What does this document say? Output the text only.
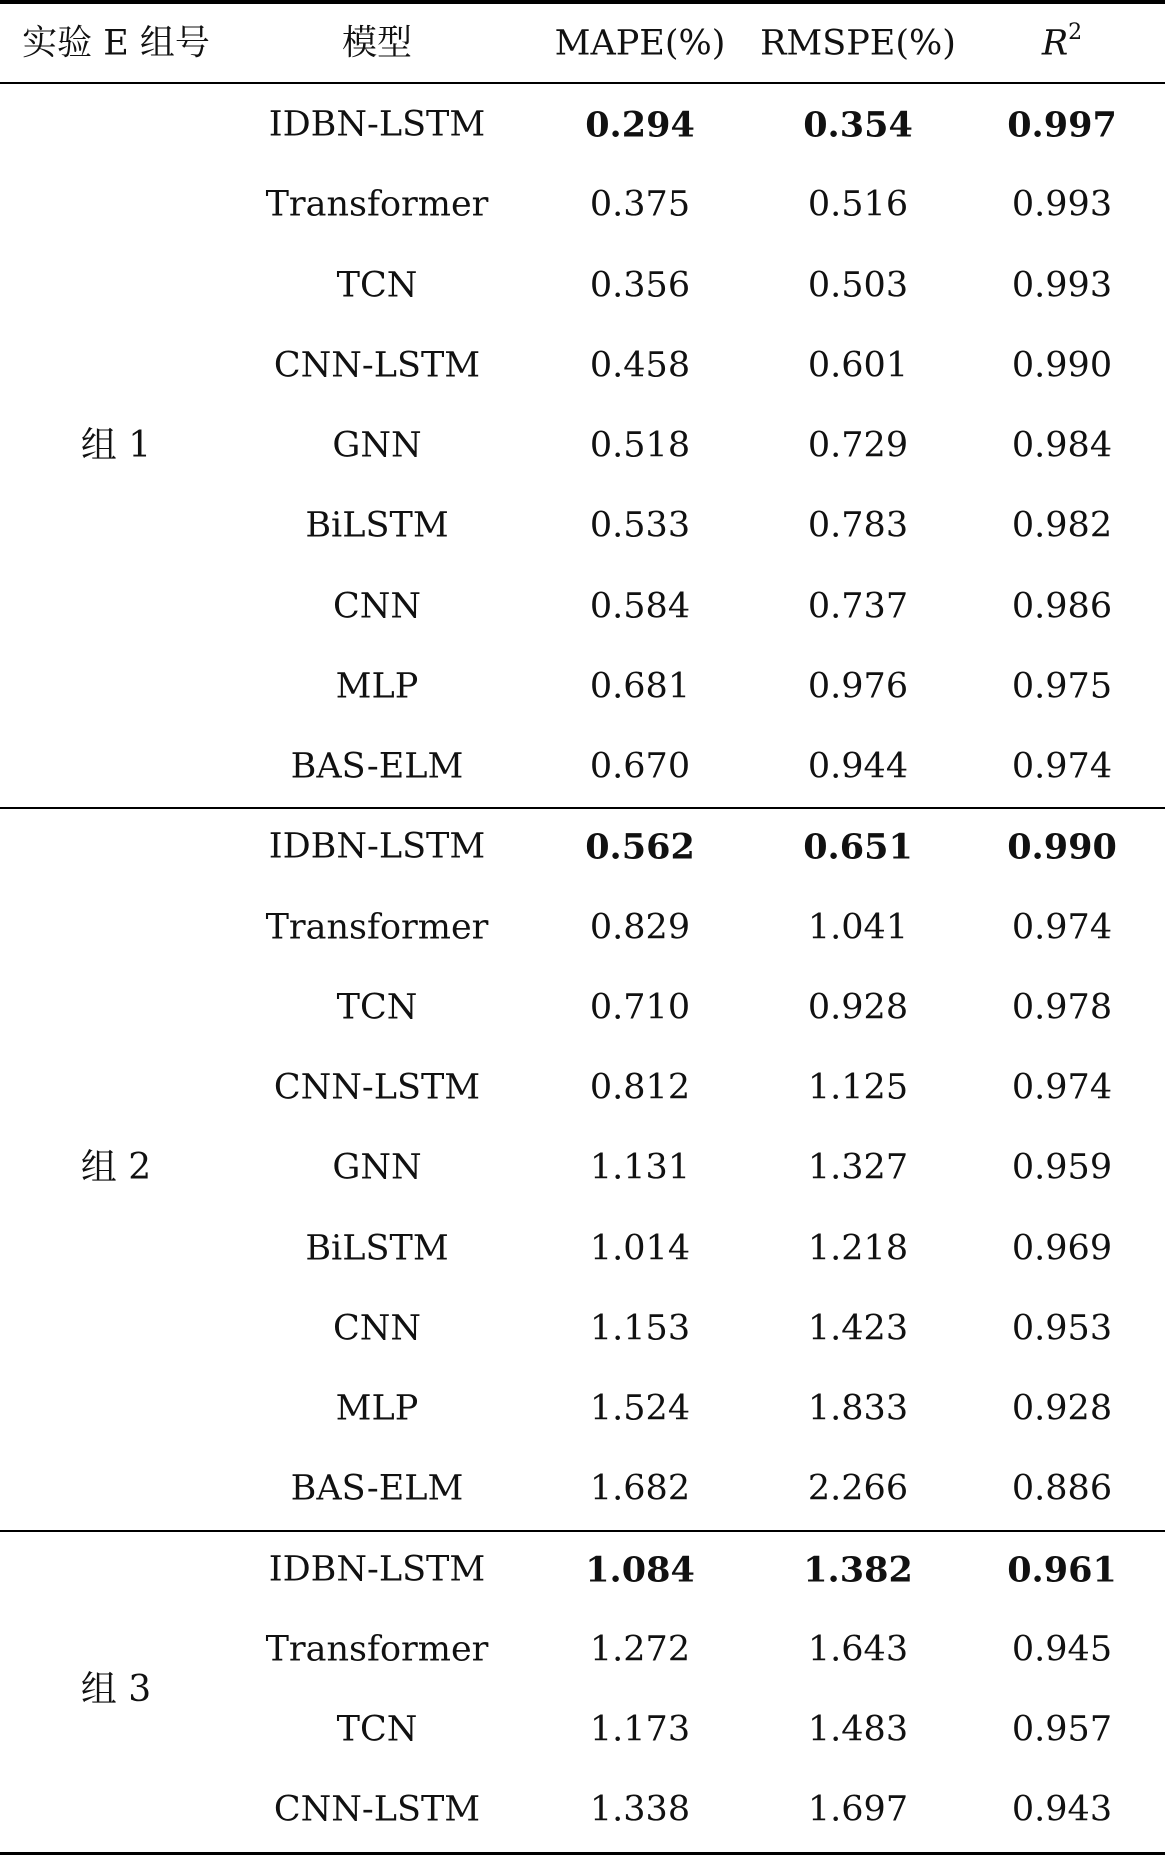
实验 E 组号	模型	MAPE(%) RMSPE(%) $R^2$
IDBN-LSTM	0.294	0.354	0.997
Transformer	0.375	0.516	0.993
TCN	0.356	0.503	0.993
CNN-LSTM	0.458	0.601	0.990
GNN	0.518	0.729	0.984
BiLSTM	0.533	0.783	0.982
CNN	0.584	0.737	0.986
MLP	0.681	0.976	0.975
BAS-ELM	0.670	0.944	0.974
组 1
IDBN-LSTM	0.562	0.651	0.990
Transformer	0.829	1.041	0.974
TCN	0.710	0.928	0.978
CNN-LSTM	0.812	1.125	0.974
GNN	1.131	1.327	0.959
BiLSTM	1.014	1.218	0.969
CNN	1.153	1.423	0.953
MLP	1.524	1.833	0.928
BAS-ELM	1.682	2.266	0.886
组 2
IDBN-LSTM	1.084	1.382	0.961
Transformer	1.272	1.643	0.945
TCN	1.173	1.483	0.957
CNN-LSTM	1.338	1.697	0.943
组 3
